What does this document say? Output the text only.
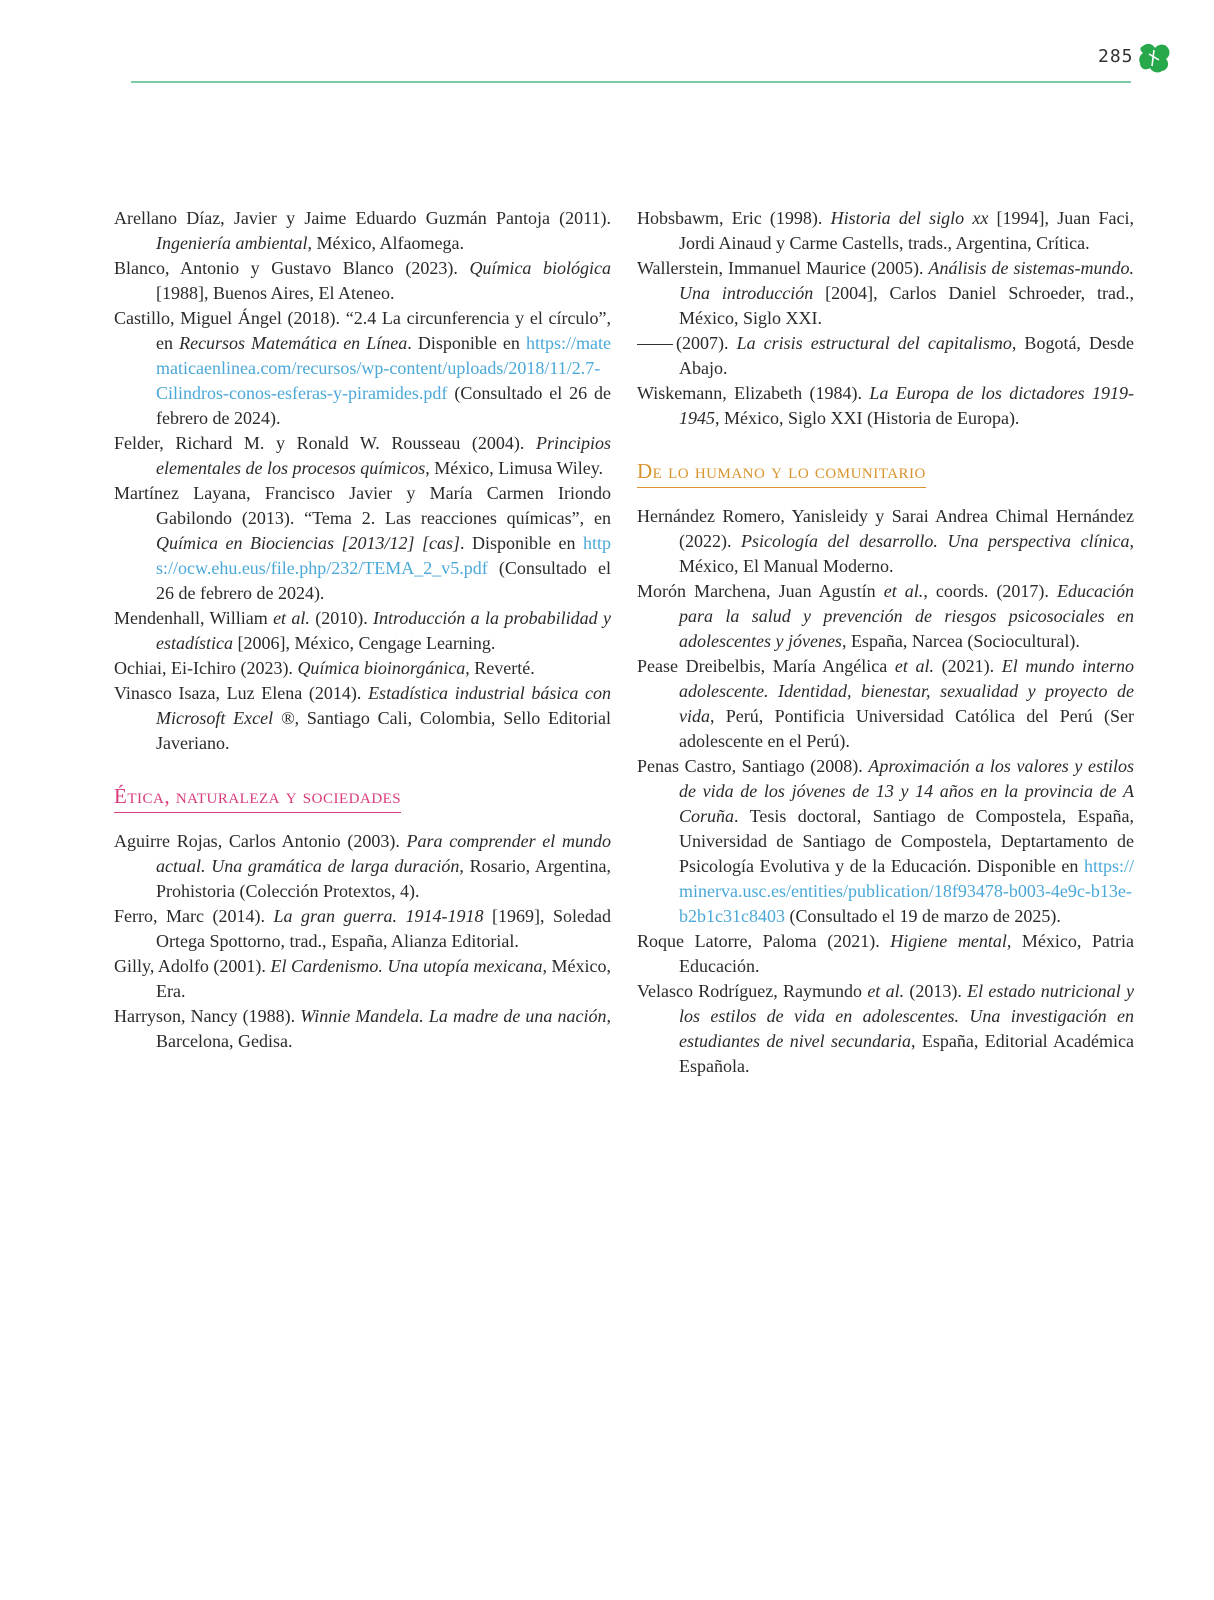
285

Arellano Díaz, Javier y Jaime Eduardo Guzmán Pantoja (2011). Ingeniería ambiental, México, Alfaomega.

Blanco, Antonio y Gustavo Blanco (2023). Química biológica [1988], Buenos Aires, El Ateneo.

Castillo, Miguel Ángel (2018). “2.4 La circunferencia y el círculo”, en Recursos Matemática en Línea. Disponible en https://matematicaenlinea.com/recursos/wp-content/uploads/2018/11/2.7-Cilindros-conos-esferas-y-piramides.pdf (Consultado el 26 de febrero de 2024).

Felder, Richard M. y Ronald W. Rousseau (2004). Principios elementales de los procesos químicos, México, Limusa Wiley.

Martínez Layana, Francisco Javier y María Carmen Iriondo Gabilondo (2013). “Tema 2. Las reacciones químicas”, en Química en Biociencias [2013/12] [cas]. Disponible en https://ocw.ehu.eus/file.php/232/TEMA_2_v5.pdf (Consultado el 26 de febrero de 2024).

Mendenhall, William et al. (2010). Introducción a la probabilidad y estadística [2006], México, Cengage Learning.

Ochiai, Ei-Ichiro (2023). Química bioinorgánica, Reverté.

Vinasco Isaza, Luz Elena (2014). Estadística industrial básica con Microsoft Excel ®, Santiago Cali, Colombia, Sello Editorial Javeriano.

Ética, naturaleza y sociedades

Aguirre Rojas, Carlos Antonio (2003). Para comprender el mundo actual. Una gramática de larga duración, Rosario, Argentina, Prohistoria (Colección Protextos, 4).

Ferro, Marc (2014). La gran guerra. 1914-1918 [1969], Soledad Ortega Spottorno, trad., España, Alianza Editorial.

Gilly, Adolfo (2001). El Cardenismo. Una utopía mexicana, México, Era.

Harryson, Nancy (1988). Winnie Mandela. La madre de una nación, Barcelona, Gedisa.

Hobsbawm, Eric (1998). Historia del siglo xx [1994], Juan Faci, Jordi Ainaud y Carme Castells, trads., Argentina, Crítica.

Wallerstein, Immanuel Maurice (2005). Análisis de sistemas-mundo. Una introducción [2004], Carlos Daniel Schroeder, trad., México, Siglo XXI.

(2007). La crisis estructural del capitalismo, Bogotá, Desde Abajo.

Wiskemann, Elizabeth (1984). La Europa de los dictadores 1919-1945, México, Siglo XXI (Historia de Europa).

De lo humano y lo comunitario

Hernández Romero, Yanisleidy y Sarai Andrea Chimal Hernández (2022). Psicología del desarrollo. Una perspectiva clínica, México, El Manual Moderno.

Morón Marchena, Juan Agustín et al., coords. (2017). Educación para la salud y prevención de riesgos psicosociales en adolescentes y jóvenes, España, Narcea (Sociocultural).

Pease Dreibelbis, María Angélica et al. (2021). El mundo interno adolescente. Identidad, bienestar, sexualidad y proyecto de vida, Perú, Pontificia Universidad Católica del Perú (Ser adolescente en el Perú).

Penas Castro, Santiago (2008). Aproximación a los valores y estilos de vida de los jóvenes de 13 y 14 años en la provincia de A Coruña. Tesis doctoral, Santiago de Compostela, España, Universidad de Santiago de Compostela, Deptartamento de Psicología Evolutiva y de la Educación. Disponible en https://minerva.usc.es/entities/publication/18f93478-b003-4e9c-b13e-b2b1c31c8403 (Consultado el 19 de marzo de 2025).

Roque Latorre, Paloma (2021). Higiene mental, México, Patria Educación.

Velasco Rodríguez, Raymundo et al. (2013). El estado nutricional y los estilos de vida en adolescentes. Una investigación en estudiantes de nivel secundaria, España, Editorial Académica Española.
